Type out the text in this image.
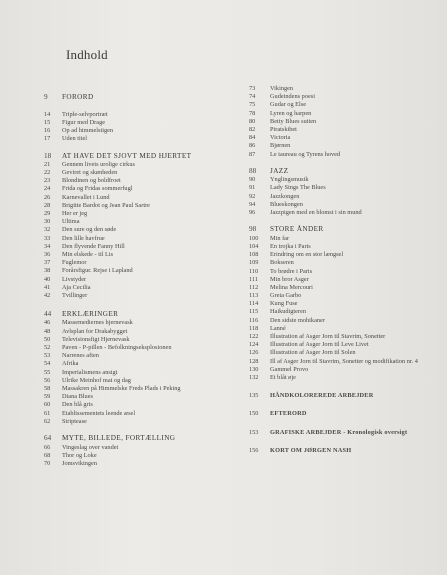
Indhold
9	FORORD
14	Triple-selvportræt
15	Figur med Drage
16	Op ad himmelstigen
17	Uden titel
18	AT HAVE DET SJOVT MED HJERTET
21	Gennem livets urolige cirkus
22	Geviret og skønheden
23	Blondinen og boldfroet
24	Frida og Fridas sommerfugl
26	Karnevallet i Lund
28	Brigitte Bardot og Jean Paul Sartre
29	Her er jeg
30	Ultima
32	Den sure og den søde
33	Den lille havfrue
34	Den flyvende Fanny Hill
36	Min elskede - til Lis
37	Fuglemor
38	Forårsfigur. Rejse i Lapland
40	Livstyder
41	Aja Cecilia
42	Tvillinger
44	ERKLÆRINGER
46	Massemediernes hjernevask
48	Avlsplan for Drakabygget
50	Televisionsfigt Hjernevask
52	Paven - P-pillen - Befolkningseksplosionen
53	Narrenes aften
54	Afrika
55	Imperialismens ansigt
56	Ulrike Meinhof mat og dag
58	Massakren på Himmelske Freds Plads i Peking
59	Diana Blues
60	Den blå gris
61	Etablissementets leende æsel
62	Striptease
64	MYTE, BILLEDE, FORTÆLLING
66	Vingeslag over vandet
68	Thor og Loke
70	Jomsvikingen
73	Vikingen
74	Gudeindens poesi
75	Gudar og Else
78	Lyren og harpen
80	Betty Blues suiten
82	Piratskibet
84	Victoria
86	Bjørnen
87	Le taureau og Tyrens hoved
88	JAZZ
90	Ynglingsmusik
91	Lady Sings The Blues
92	Jazzkongen
94	Blueskongen
96	Jazzpigen med en blomst i sin mund
98	STORE ÅNDER
100	Min far
104	En trojka i Paris
108	Erindring om en stor længsel
109	Bokseren
110	To brødre i Paris
111	Min bror Asger
112	Melina Mercouri
113	Greta Garbo
114	Kung Fuse
115	Haikudigteren
116	Den sidste mohikaner
118	Lanné
122	Illustration af Asger Jorn til Stavrim, Sonetter
124	Illustration af Asger Jorn til Leve Livet
126	Illustration af Asger Jorn til Solen
128	Ill af Asger Jorn til Stavrim, Sonetter og modifikation nr. 4
130	Gammel Provo
132	Et blåt øje
135	HÅNDKOLOREREDE ARBEJDER
150	EFTERORD
153	GRAFISKE ARBEJDER - Kronologisk oversigt
156	KORT OM JØRGEN NASH
